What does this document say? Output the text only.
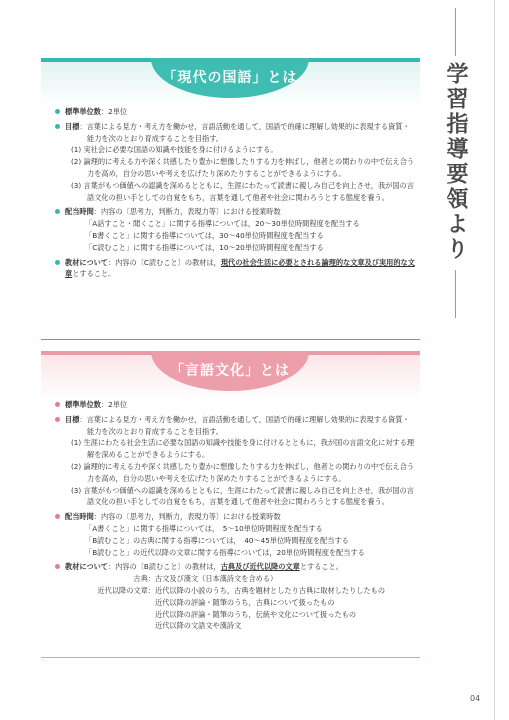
学習指導要領より
「現代の国語」とは
標準単位数：2単位
目標：言葉による見方・考え方を働かせ，言語活動を通して，国語で的確に理解し効果的に表現する資質・能力を次のとおり育成することを目指す。
(1) 実社会に必要な国語の知識や技能を身に付けるようにする。
(2) 論理的に考える力や深く共感したり豊かに想像したりする力を伸ばし，他者との関わりの中で伝え合う力を高め，自分の思いや考えを広げたり深めたりすることができるようにする。
(3) 言葉がもつ価値への認識を深めるとともに，生涯にわたって読書に親しみ自己を向上させ，我が国の言語文化の担い手としての自覚をもち，言葉を通して他者や社会に関わろうとする態度を養う。
配当時間：内容の〔思考力，判断力，表現力等〕における授業時数
「A話すこと・聞くこと」に関する指導については，20～30単位時間程度を配当する
「B書くこと」に関する指導については，30～40単位時間程度を配当する
「C読むこと」に関する指導については，10～20単位時間程度を配当する
教材について：内容の〔C読むこと〕の教材は，現代の社会生活に必要とされる論理的な文章及び実用的な文章とすること。
「言語文化」とは
標準単位数：2単位
目標：言葉による見方・考え方を働かせ，言語活動を通して，国語で的確に理解し効果的に表現する資質・能力を次のとおり育成することを目指す。
(1) 生涯にわたる社会生活に必要な国語の知識や技能を身に付けるとともに，我が国の言語文化に対する理解を深めることができるようにする。
(2) 論理的に考える力や深く共感したり豊かに想像したりする力を伸ばし，他者との関わりの中で伝え合う力を高め，自分の思いや考えを広げたり深めたりすることができるようにする。
(3) 言葉がもつ価値への認識を深めるとともに，生涯にわたって読書に親しみ自己を向上させ，我が国の言語文化の担い手としての自覚をもち，言葉を通して他者や社会に関わろうとする態度を養う。
配当時間：内容の〔思考力，判断力，表現力等〕における授業時数
「A書くこと」に関する指導については，　5～10単位時間程度を配当する
「B読むこと」の古典に関する指導については，　40～45単位時間程度を配当する
「B読むこと」の近代以降の文章に関する指導については，20単位時間程度を配当する
教材について：内容の〔B読むこと〕の教材は，古典及び近代以降の文章とすること。
古典： 古文及び漢文（日本漢詩文を含める）
近代以降の文章： 近代以降の小説のうち，古典を題材としたり古典に取材したりしたもの
近代以降の評論・随筆のうち，古典について扱ったもの
近代以降の評論・随筆のうち，伝統や文化について扱ったもの
近代以降の文語文や漢詩文
04
